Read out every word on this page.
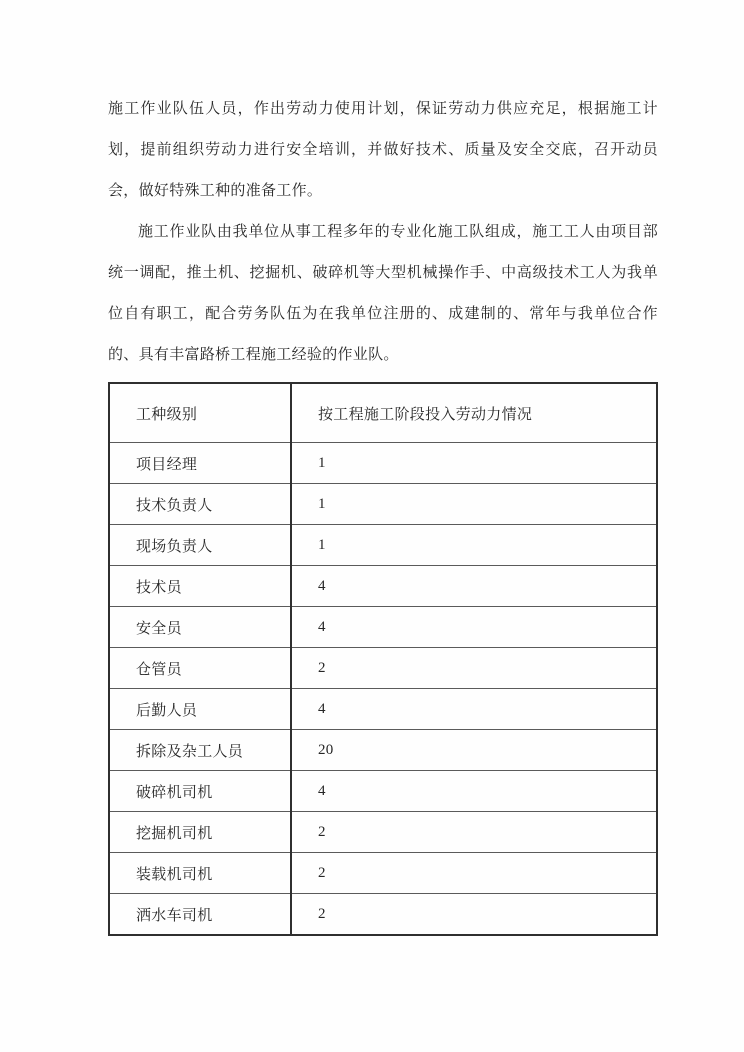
施工作业队伍人员，作出劳动力使用计划，保证劳动力供应充足，根据施工计划，提前组织劳动力进行安全培训，并做好技术、质量及安全交底，召开动员会，做好特殊工种的准备工作。

施工作业队由我单位从事工程多年的专业化施工队组成，施工工人由项目部统一调配，推土机、挖掘机、破碎机等大型机械操作手、中高级技术工人为我单位自有职工，配合劳务队伍为在我单位注册的、成建制的、常年与我单位合作的、具有丰富路桥工程施工经验的作业队。

工种级别	按工程施工阶段投入劳动力情况
项目经理	1
技术负责人	1
现场负责人	1
技术员	4
安全员	4
仓管员	2
后勤人员	4
拆除及杂工人员	20
破碎机司机	4
挖掘机司机	2
装载机司机	2
洒水车司机	2
